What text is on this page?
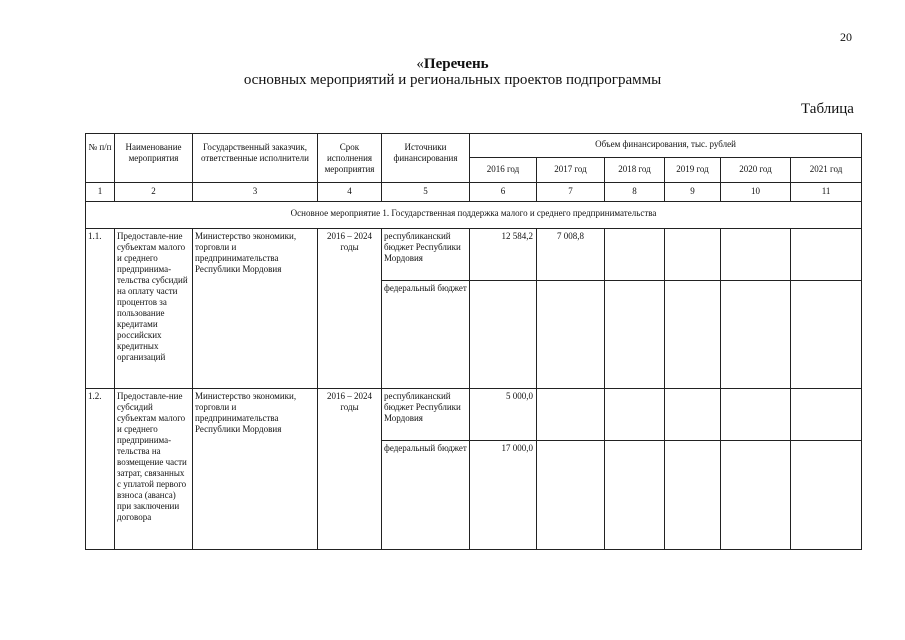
20
«Перечень
основных мероприятий и региональных проектов подпрограммы
Таблица
№ п/п	Наименование мероприятия	Государственный заказчик, ответственные исполнители	Срок исполнения мероприятия	Источники финансирования	Объем финансирования, тыс. рублей					
					2016 год	2017 год	2018 год	2019 год	2020 год	2021 год
1	2	3	4	5	6	7	8	9	10	11
Основное мероприятие 1. Государственная поддержка малого и среднего предпринимательства										
1.1.	Предоставле-ние субъектам малого и среднего предпринима-тельства субсидий на оплату части процентов за пользование кредитами российских кредитных организаций	Министерство экономики, торговли и предпринимательства Республики Мордовия	2016 – 2024 годы	республиканский бюджет Республики Мордовия	12 584,2	7 008,8				
				федеральный бюджет						
1.2.	Предоставле-ние субсидий субъектам малого и среднего предпринима-тельства на возмещение части затрат, связанных с уплатой первого взноса (аванса) при заключении договора	Министерство экономики, торговли и предпринимательства Республики Мордовия	2016 – 2024 годы	республиканский бюджет Республики Мордовия	5 000,0					
				федеральный бюджет	17 000,0					
